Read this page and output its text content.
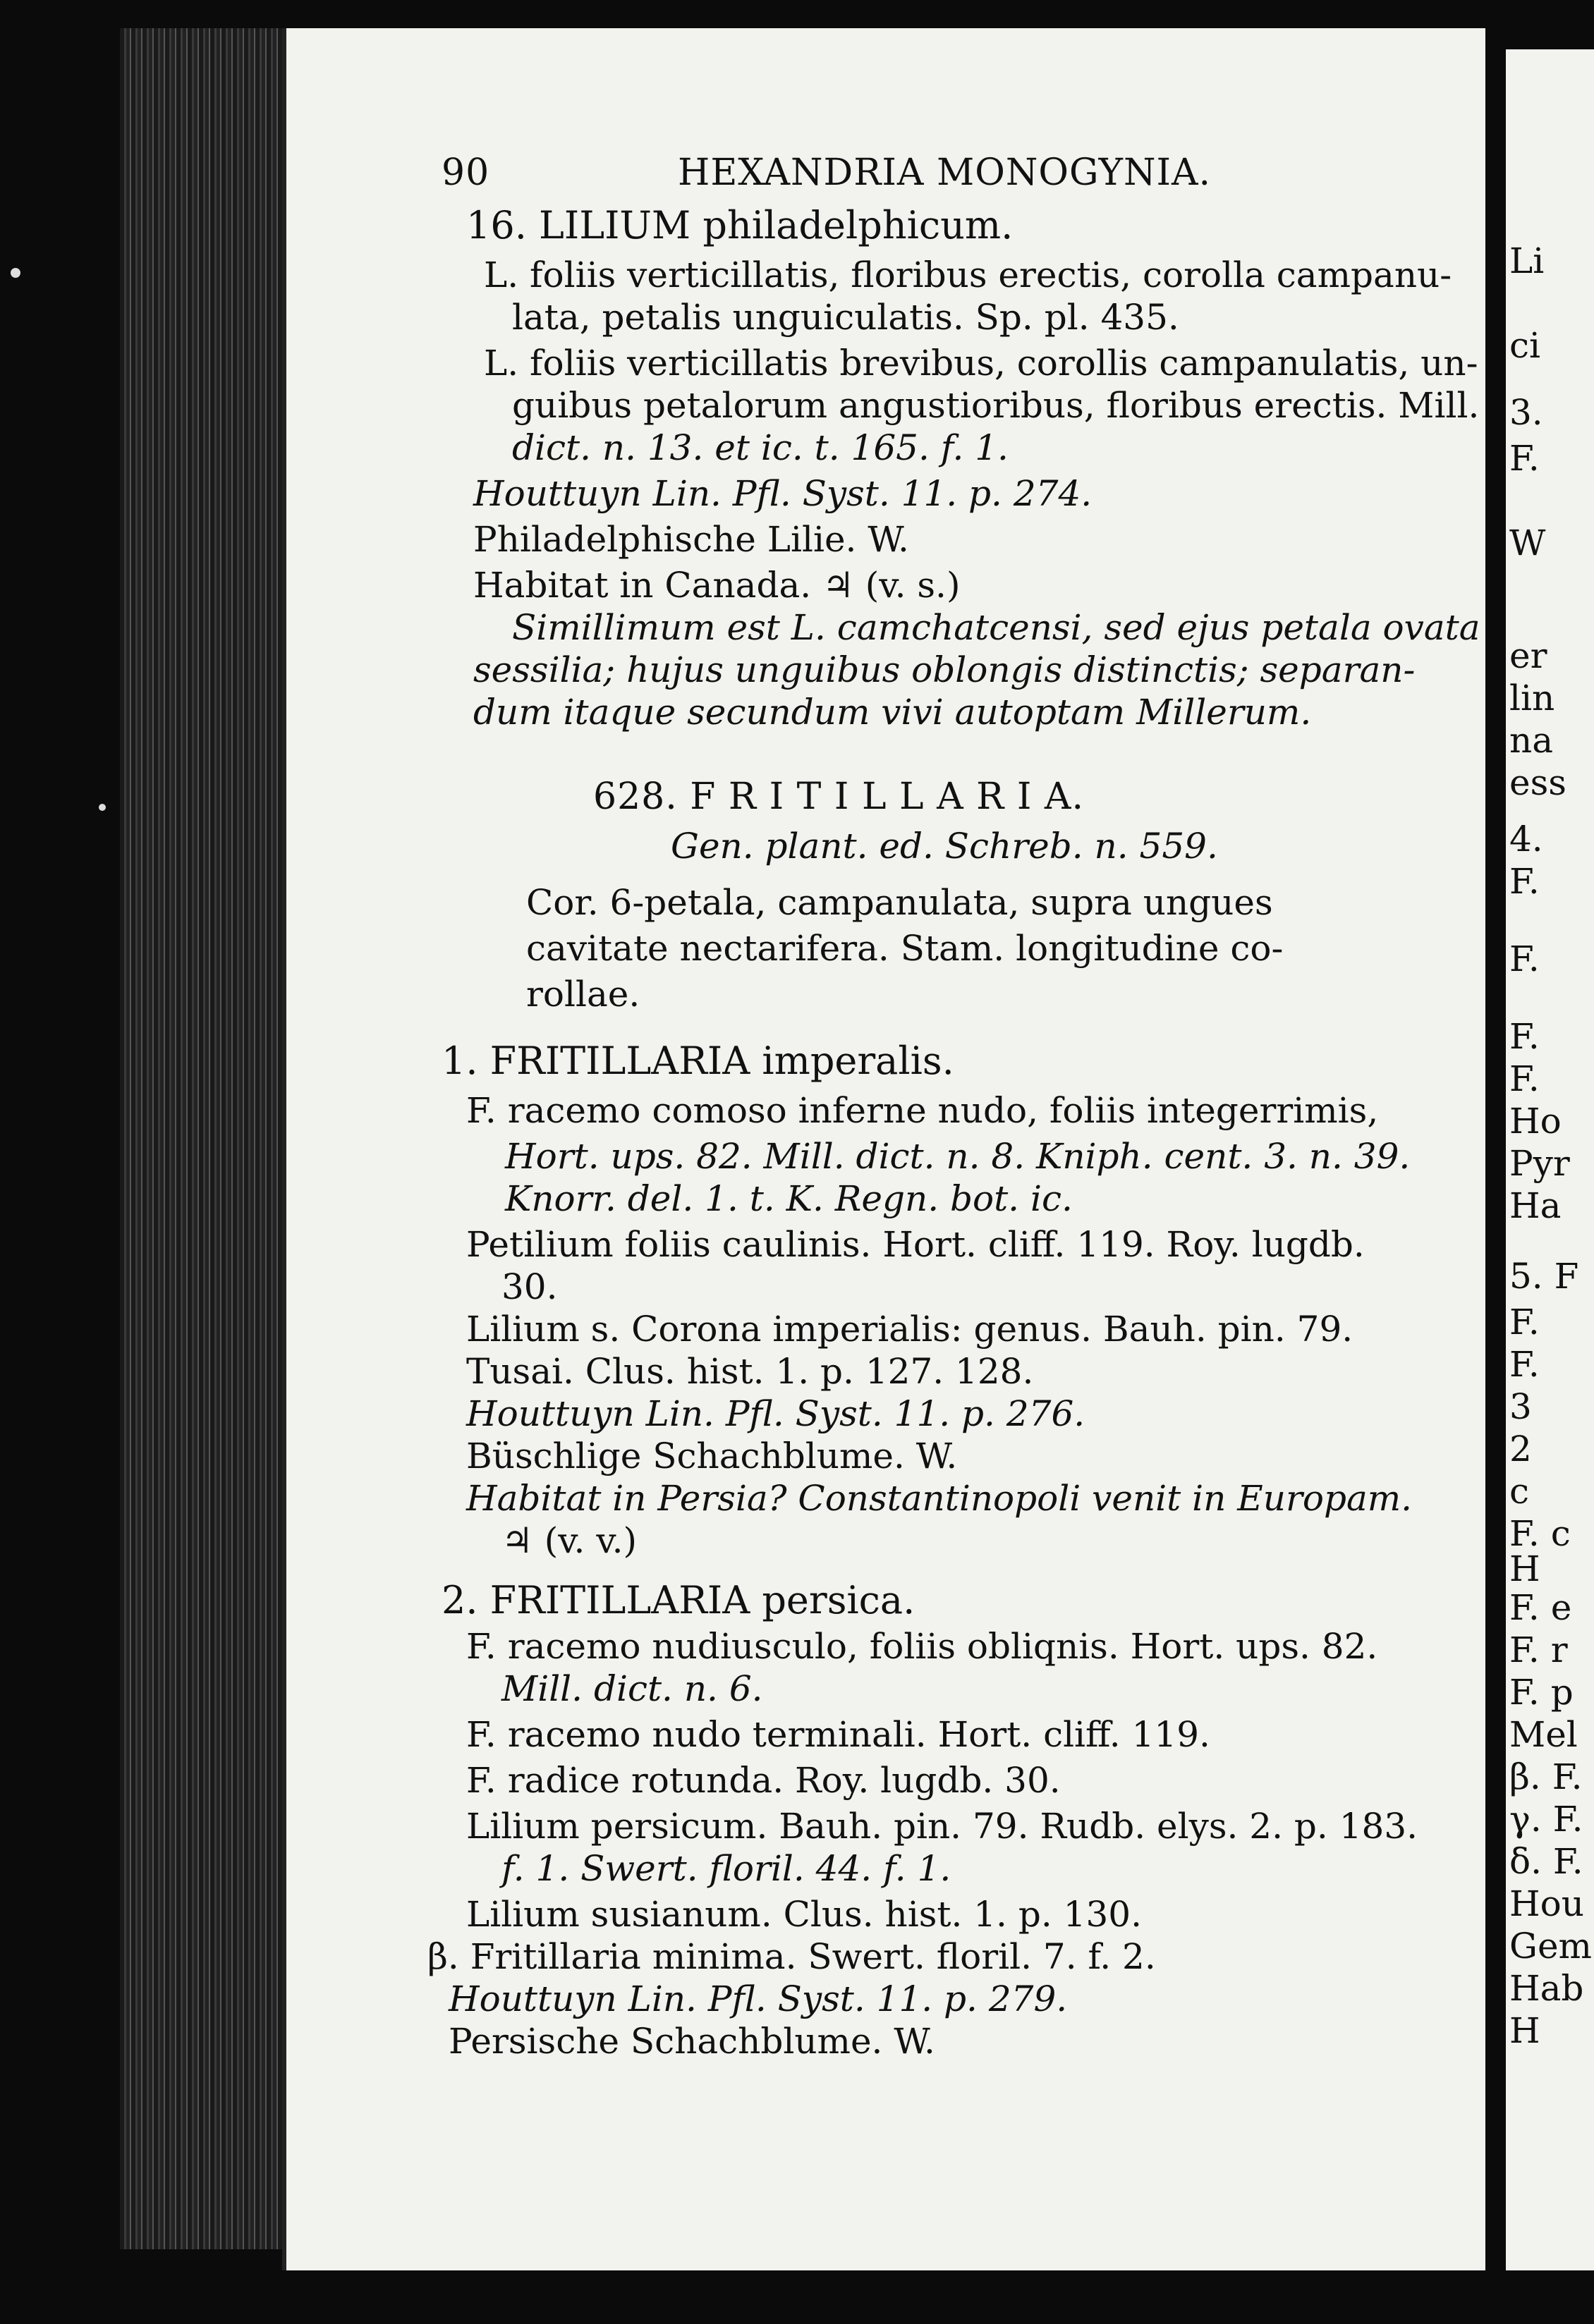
90	HEXANDRIA MONOGYNIA.
16. LILIUM philadelphicum.
L. foliis verticillatis, floribus erectis, corolla campanu-
lata, petalis unguiculatis. Sp. pl. 435.
L. foliis verticillatis brevibus, corollis campanulatis, un-
guibus petalorum angustioribus, floribus erectis. Mill.
dict. n. 13. et ic. t. 165. f. 1.
Houttuyn Lin. Pfl. Syst. 11. p. 274.
Philadelphische Lilie. W.
Habitat in Canada. ♃ (v. s.)
Simillimum est L. camchatcensi, sed ejus petala ovata
sessilia; hujus unguibus oblongis distinctis; separan-
dum itaque secundum vivi autoptam Millerum.
628. F R I T I L L A R I A.
Gen. plant. ed. Schreb. n. 559.
Cor. 6-petala, campanulata, supra ungues
cavitate nectarifera. Stam. longitudine co-
rollae.
1. FRITILLARIA imperalis.
F. racemo comoso inferne nudo, foliis integerrimis,
Hort. ups. 82. Mill. dict. n. 8. Kniph. cent. 3. n. 39.
Knorr. del. 1. t. K. Regn. bot. ic.
Petilium foliis caulinis. Hort. cliff. 119. Roy. lugdb.
30.
Lilium s. Corona imperialis: genus. Bauh. pin. 79.
Tusai. Clus. hist. 1. p. 127. 128.
Houttuyn Lin. Pfl. Syst. 11. p. 276.
Büschlige Schachblume. W.
Habitat in Persia? Constantinopoli venit in Europam.
♃ (v. v.)
2. FRITILLARIA persica.
F. racemo nudiusculo, foliis obliqnis. Hort. ups. 82.
Mill. dict. n. 6.
F. racemo nudo terminali. Hort. cliff. 119.
F. radice rotunda. Roy. lugdb. 30.
Lilium persicum. Bauh. pin. 79. Rudb. elys. 2. p. 183.
f. 1. Swert. floril. 44. f. 1.
Lilium susianum. Clus. hist. 1. p. 130.
β. Fritillaria minima. Swert. floril. 7. f. 2.
Houttuyn Lin. Pfl. Syst. 11. p. 279.
Persische Schachblume. W.
Li
ci
3.
F.
W
er
lin
na
ess
4.
F.
F.
F.
F.
Ho
Pyr
Ha
5. F
F.
F.
3
2
c
F. c
H
F. e
F. r
F. p
Mel
β. F.
γ. F.
δ. F.
Hou
Gem
Hab
H
